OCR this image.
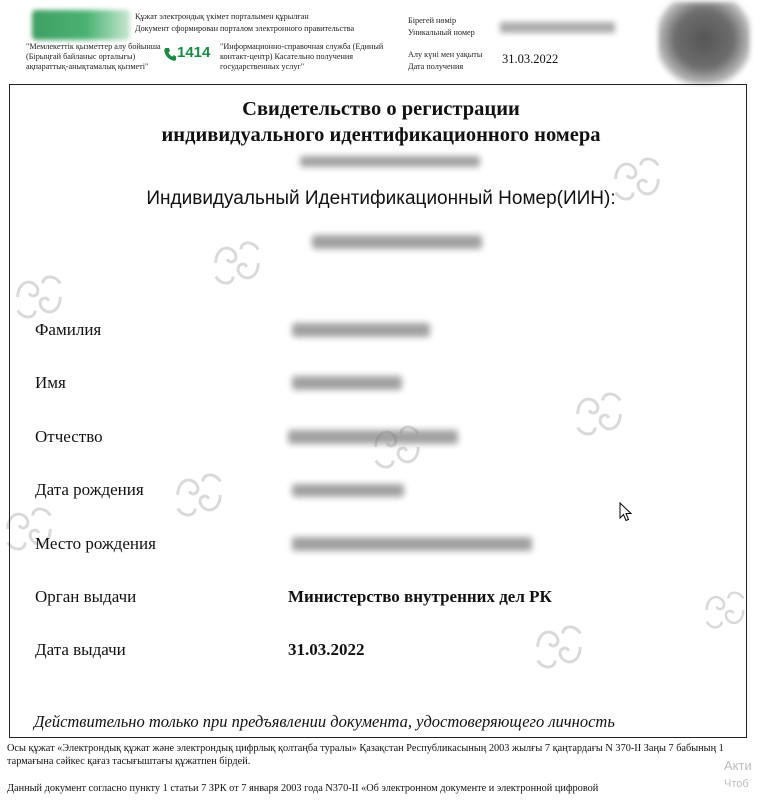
Құжат электрондық үкімет порталымен құрылған
Документ сформирован порталом электронного правительства
"Мемлекеттік қызметтер алу бойынша (Бірыңғай байланыс орталығы) ақпараттық-анықтамалық қызметі"
1414 "Информационно-справочная служба (Единый контакт-центр) Касательно получения государственных услуг"
Бірегей нөмір
Уникальный номер
Алу күні мен уақыты
Дата получения
31.03.2022
Свидетельство о регистрации
индивидуального идентификационного номера
Индивидуальный Идентификационный Номер(ИИН):
Фамилия
Имя
Отчество
Дата рождения
Место рождения
Орган выдачи	Министерство внутренних дел РК
Дата выдачи	31.03.2022
Действительно только при предъявлении документа, удостоверяющего личность
Осы құжат «Электрондық құжат және электрондық цифрлық қолтаңба туралы» Қазақстан Республикасының 2003 жылғы 7 қаңтардағы N 370-II Заңы 7 бабының 1 тармағына сәйкес қағаз тасығыштағы құжатпен бірдей.
Данный документ согласно пункту 1 статьи 7 ЗРК от 7 января 2003 года N370-II «Об электронном документе и электронной цифровой
Акти
Чтоб
